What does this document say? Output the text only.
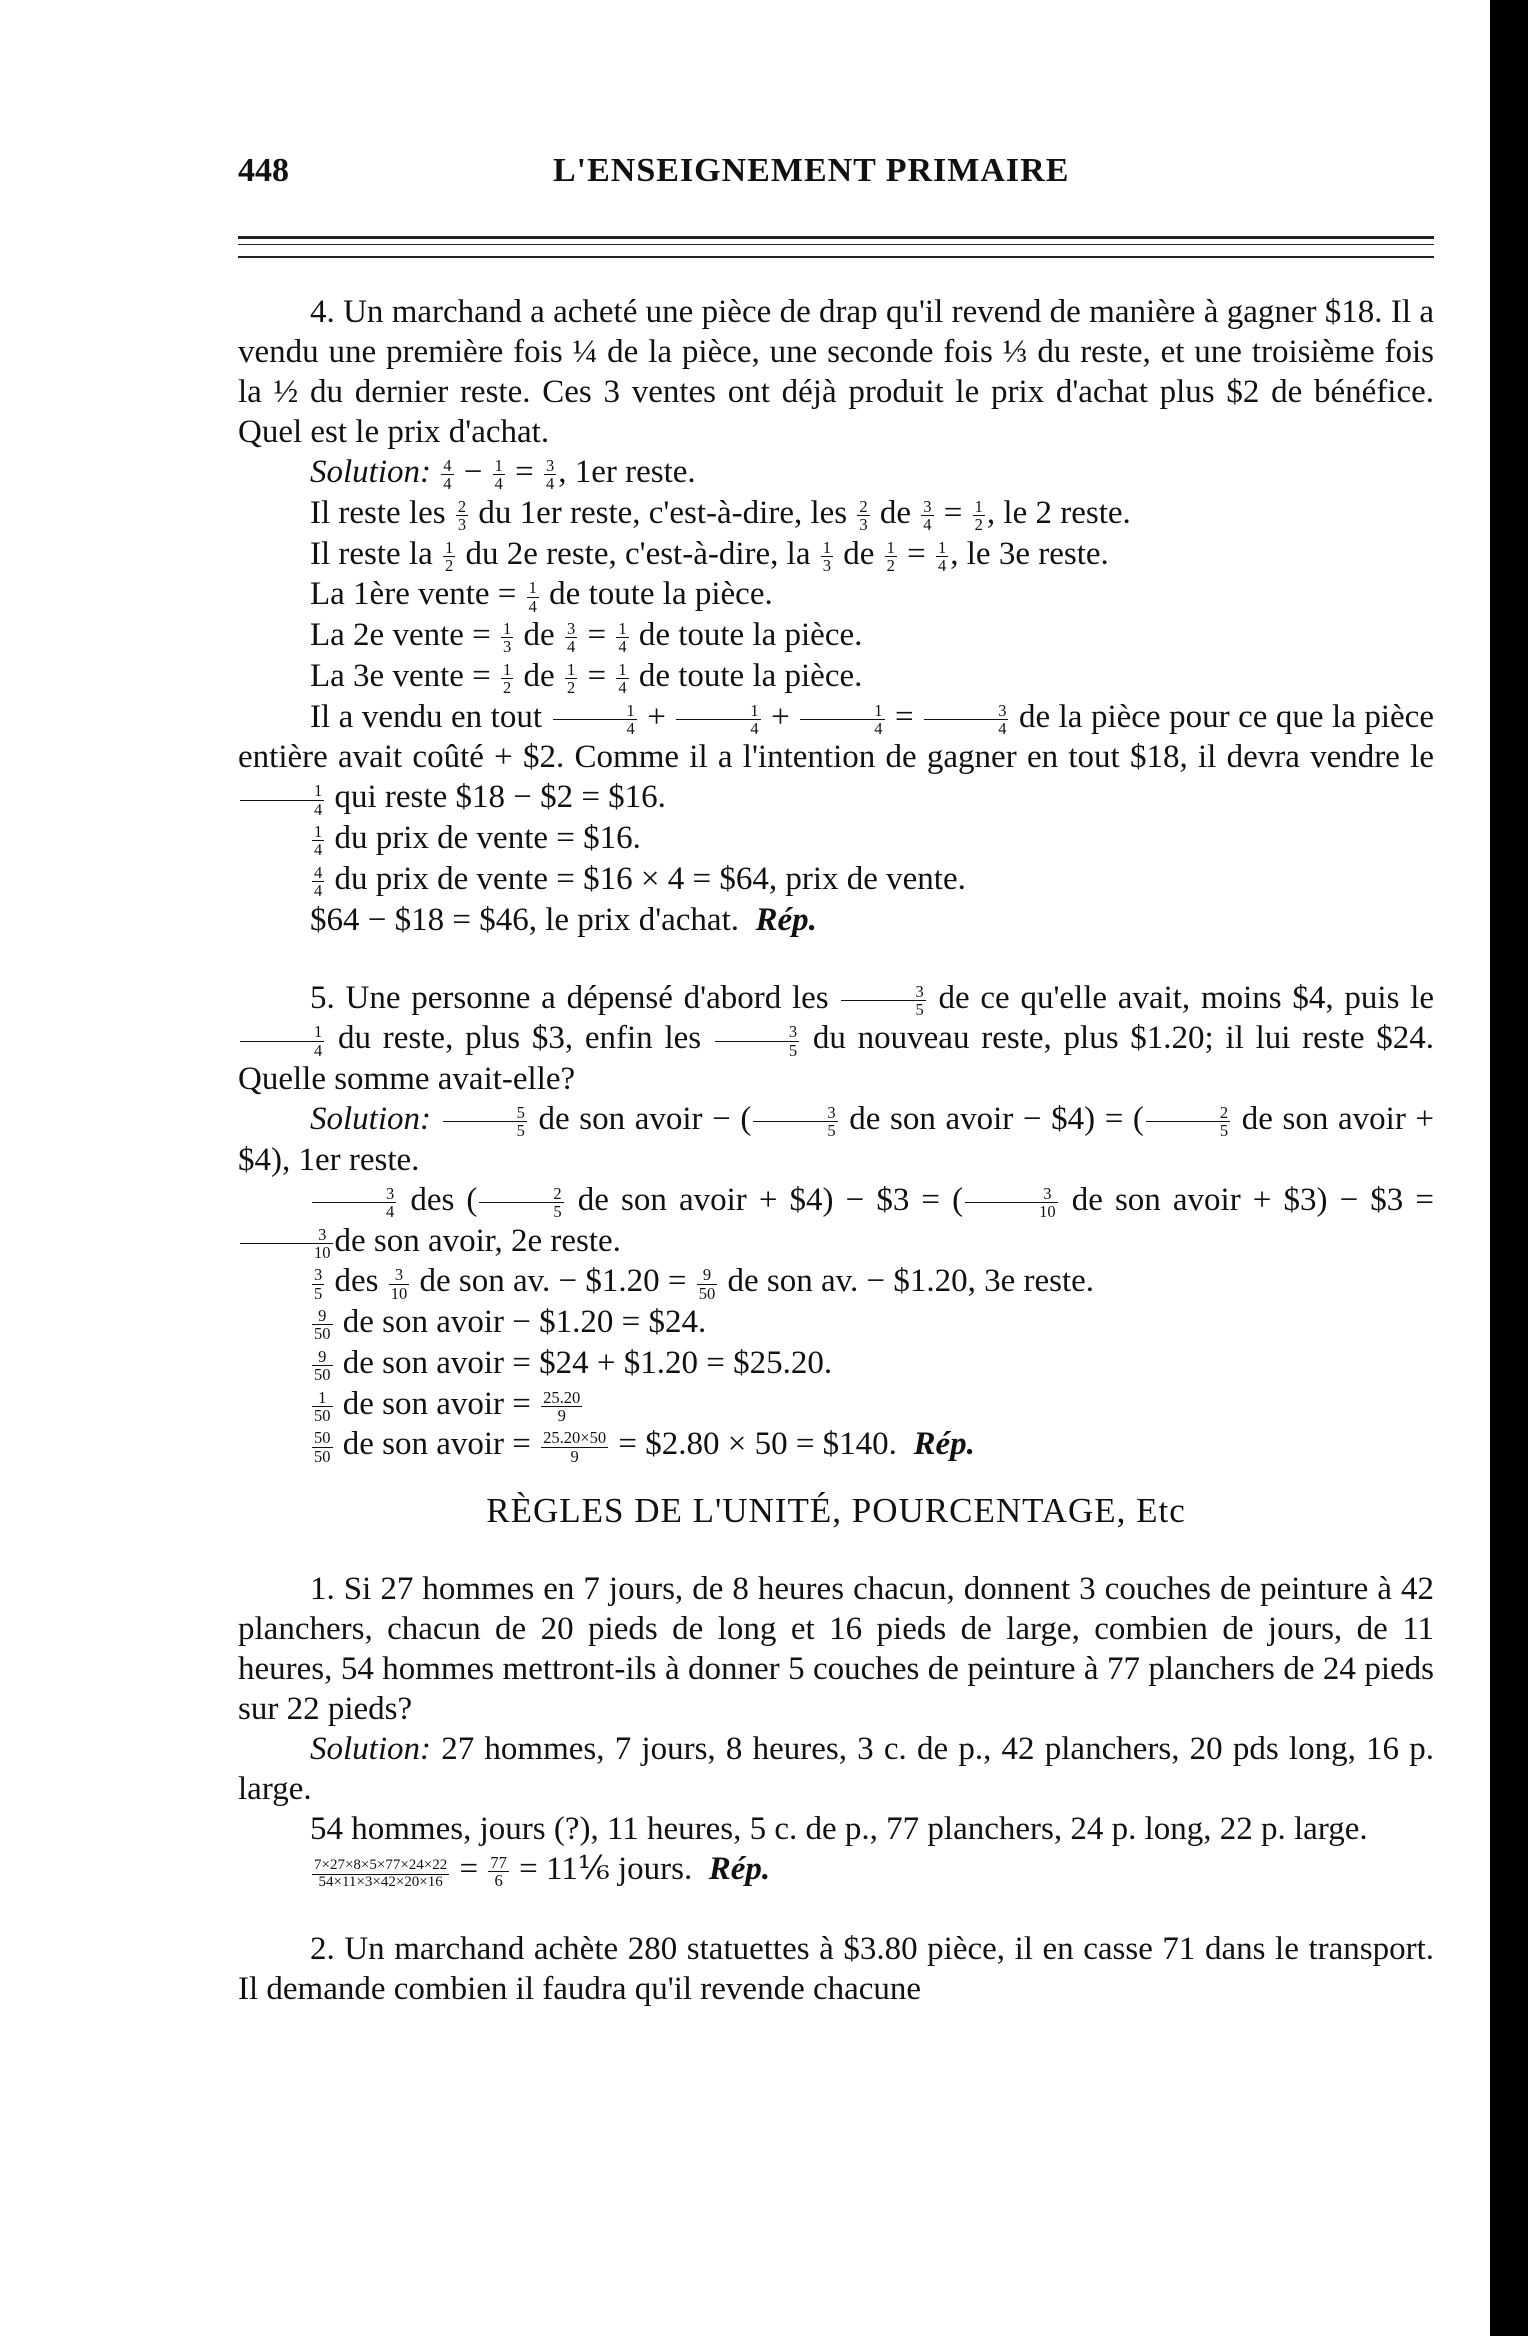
448	L'ENSEIGNEMENT PRIMAIRE

4. Un marchand a acheté une pièce de drap qu'il revend de manière à gagner $18. Il a vendu une première fois ¼ de la pièce, une seconde fois ⅓ du reste, et une troisième fois la ½ du dernier reste. Ces 3 ventes ont déjà produit le prix d'achat plus $2 de bénéfice. Quel est le prix d'achat.

Solution: $\frac{4}{4} - \frac{1}{4} = \frac{3}{4}$ , 1er reste.

Il reste les $\frac{2}{3}$ du 1er reste, c'est-à-dire, les $\frac{2}{3}$ de $\frac{3}{4} = \frac{1}{2}$ , le 2 reste.

Il reste la $\frac{1}{2}$ du 2e reste, c'est-à-dire, la $\frac{1}{3}$ de $\frac{1}{2} = \frac{1}{4}$ , le 3e reste.

La 1ère vente = $\frac{1}{4}$ de toute la pièce.

La 2e vente = $\frac{1}{3}$ de $\frac{3}{4} = \frac{1}{4}$ de toute la pièce.

La 3e vente = $\frac{1}{2}$ de $\frac{1}{2} = \frac{1}{4}$ de toute la pièce.

Il a vendu en tout $\frac{1}{4} + \frac{1}{4} + \frac{1}{4} = \frac{3}{4}$ de la pièce pour ce que la pièce entière avait coûté + $2. Comme il a l'intention de gagner en tout $18, il devra vendre le
$\frac{1}{4}$ qui reste $18 − $2 = $16.

$\frac{1}{4}$ du prix de vente = $16.

$\frac{4}{4}$ du prix de vente = $16 × 4 = $64, prix de vente.

$64 − $18 = $46, le prix d'achat. Rép.

5. Une personne a dépensé d'abord les $\frac{3}{5}$ de ce qu'elle avait, moins $4, puis le
$\frac{1}{4}$ du reste, plus $3, enfin les $\frac{3}{5}$ du nouveau reste, plus $1.20; il lui reste $24. Quelle somme avait-elle?

Solution: $\frac{5}{5}$ de son avoir − ( $\frac{3}{5}$ de son avoir − $4) = ( $\frac{2}{5}$ de son avoir + $4), 1er reste.

$\frac{3}{4}$ des ( $\frac{2}{5}$ de son avoir + $4) − $3 = ( $\frac{3}{10}$ de son avoir + $3) − $3 =
$\frac{3}{10}$ de son avoir, 2e reste.

$\frac{3}{5}$ des $\frac{3}{10}$ de son av. − $1.20 = $\frac{9}{50}$ de son av. − $1.20, 3e reste.

$\frac{9}{50}$ de son avoir − $1.20 = $24.

$\frac{9}{50}$ de son avoir = $24 + $1.20 = $25.20.

$\frac{1}{50}$ de son avoir = $\frac{25.20}{9}$

$\frac{50}{50}$ de son avoir = $\frac{25.20\times 50}{9}$ = $2.80 × 50 = $140. Rép.

RÈGLES DE L'UNITÉ, POURCENTAGE, Etc

1. Si 27 hommes en 7 jours, de 8 heures chacun, donnent 3 couches de peinture à 42 planchers, chacun de 20 pieds de long et 16 pieds de large, combien de jours, de 11 heures, 54 hommes mettront-ils à donner 5 couches de peinture à 77 planchers de 24 pieds sur 22 pieds?

Solution: 27 hommes, 7 jours, 8 heures, 3 c. de p., 42 planchers, 20 pds long, 16 p. large.

54 hommes, jours (?), 11 heures, 5 c. de p., 77 planchers, 24 p. long, 22 p. large.

$\frac{7\times 27\times 8\times 5\times 77\times 24\times 22}{54\times 11\times 3\times 42\times 20\times 16} = \frac{77}{6}$ = 11⅙ jours. Rép.

2. Un marchand achète 280 statuettes à $3.80 pièce, il en casse 71 dans le transport. Il demande combien il faudra qu'il revende chacune
